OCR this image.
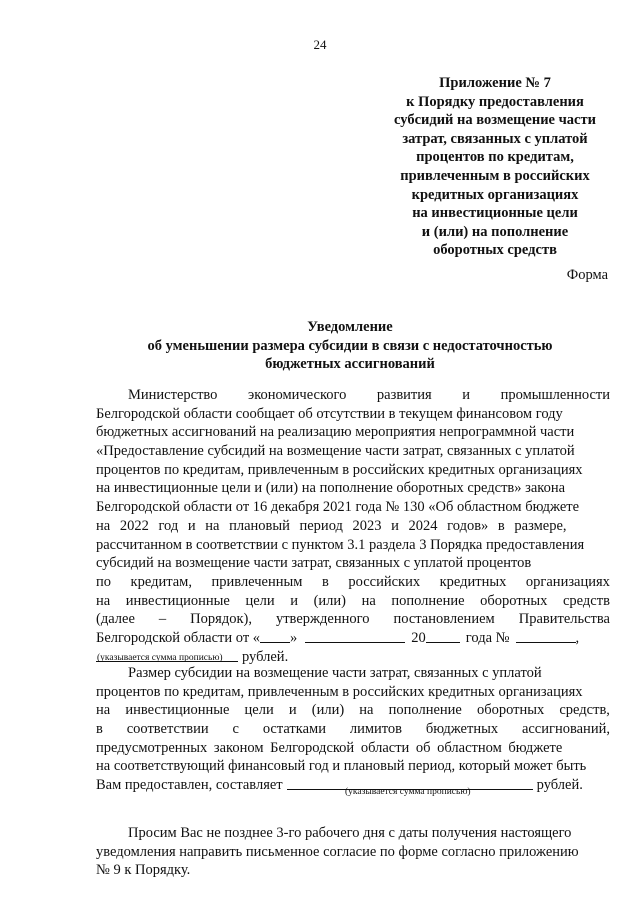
24
Приложение № 7
к Порядку предоставления
субсидий на возмещение части
затрат, связанных с уплатой
процентов по кредитам,
привлеченным в российских
кредитных организациях
на инвестиционные цели
и (или) на пополнение
оборотных средств
Форма
Уведомление
об уменьшении размера субсидии в связи с недостаточностью
бюджетных ассигнований
Министерство экономического развития и промышленности
Белгородской области сообщает об отсутствии в текущем финансовом году
бюджетных ассигнований на реализацию мероприятия непрограммной части
«Предоставление субсидий на возмещение части затрат, связанных с уплатой
процентов по кредитам, привлеченным в российских кредитных организациях
на инвестиционные цели и (или) на пополнение оборотных средств» закона
Белгородской области от 16 декабря 2021 года № 130 «Об областном бюджете
на 2022 год и на плановый период 2023 и 2024 годов» в размере,
рассчитанном в соответствии с пунктом 3.1 раздела 3 Порядка предоставления
субсидий на возмещение части затрат, связанных с уплатой процентов
по кредитам, привлеченным в российских кредитных организациях
на инвестиционные цели и (или) на пополнение оборотных средств
(далее – Порядок), утвержденного постановлением Правительства
Белгородской области от « »	20	года №	,
рублей.
(указывается сумма прописью)
Размер субсидии на возмещение части затрат, связанных с уплатой
процентов по кредитам, привлеченным в российских кредитных организациях
на инвестиционные цели и (или) на пополнение оборотных средств,
в соответствии с остатками лимитов бюджетных ассигнований,
предусмотренных законом Белгородской области об областном бюджете
на соответствующий финансовый год и плановый период, который может быть
Вам предоставлен, составляет	рублей.
(указывается сумма прописью)
Просим Вас не позднее 3-го рабочего дня с даты получения настоящего
уведомления направить письменное согласие по форме согласно приложению
№ 9 к Порядку.
